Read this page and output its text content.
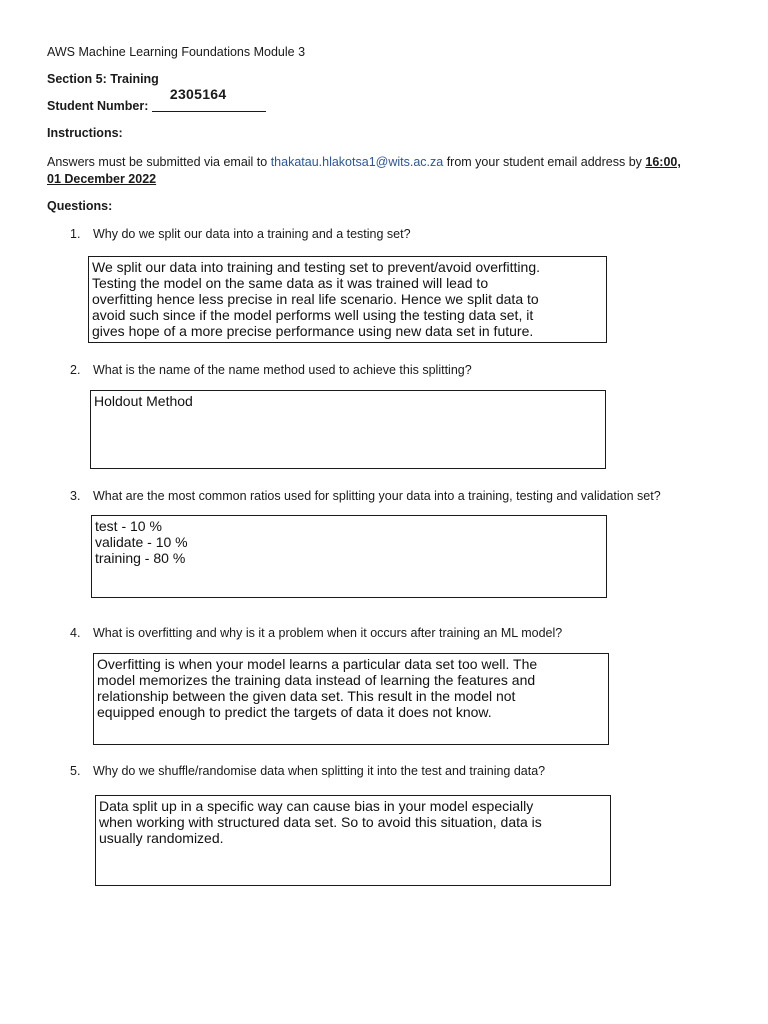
AWS Machine Learning Foundations Module 3
Section 5: Training
Student Number:
2305164
Instructions:
Answers must be submitted via email to thakatau.hlakotsa1@wits.ac.za from your student email address by 16:00,
01 December 2022
Questions:
1. Why do we split our data into a training and a testing set?
We split our data into training and testing set to prevent/avoid overfitting.
Testing the model on the same data as it was trained will lead to
overfitting hence less precise in real life scenario. Hence we split data to
avoid such since if the model performs well using the testing data set, it
gives hope of a more precise performance using new data set in future.
2. What is the name of the name method used to achieve this splitting?
Holdout Method
3. What are the most common ratios used for splitting your data into a training, testing and validation set?
test - 10 %
validate - 10 %
training - 80 %
4. What is overfitting and why is it a problem when it occurs after training an ML model?
Overfitting is when your model learns a particular data set too well. The
model memorizes the training data instead of learning the features and
relationship between the given data set. This result in the model not
equipped enough to predict the targets of data it does not know.
5. Why do we shuffle/randomise data when splitting it into the test and training data?
Data split up in a specific way can cause bias in your model especially
when working with structured data set. So to avoid this situation, data is
usually randomized.
